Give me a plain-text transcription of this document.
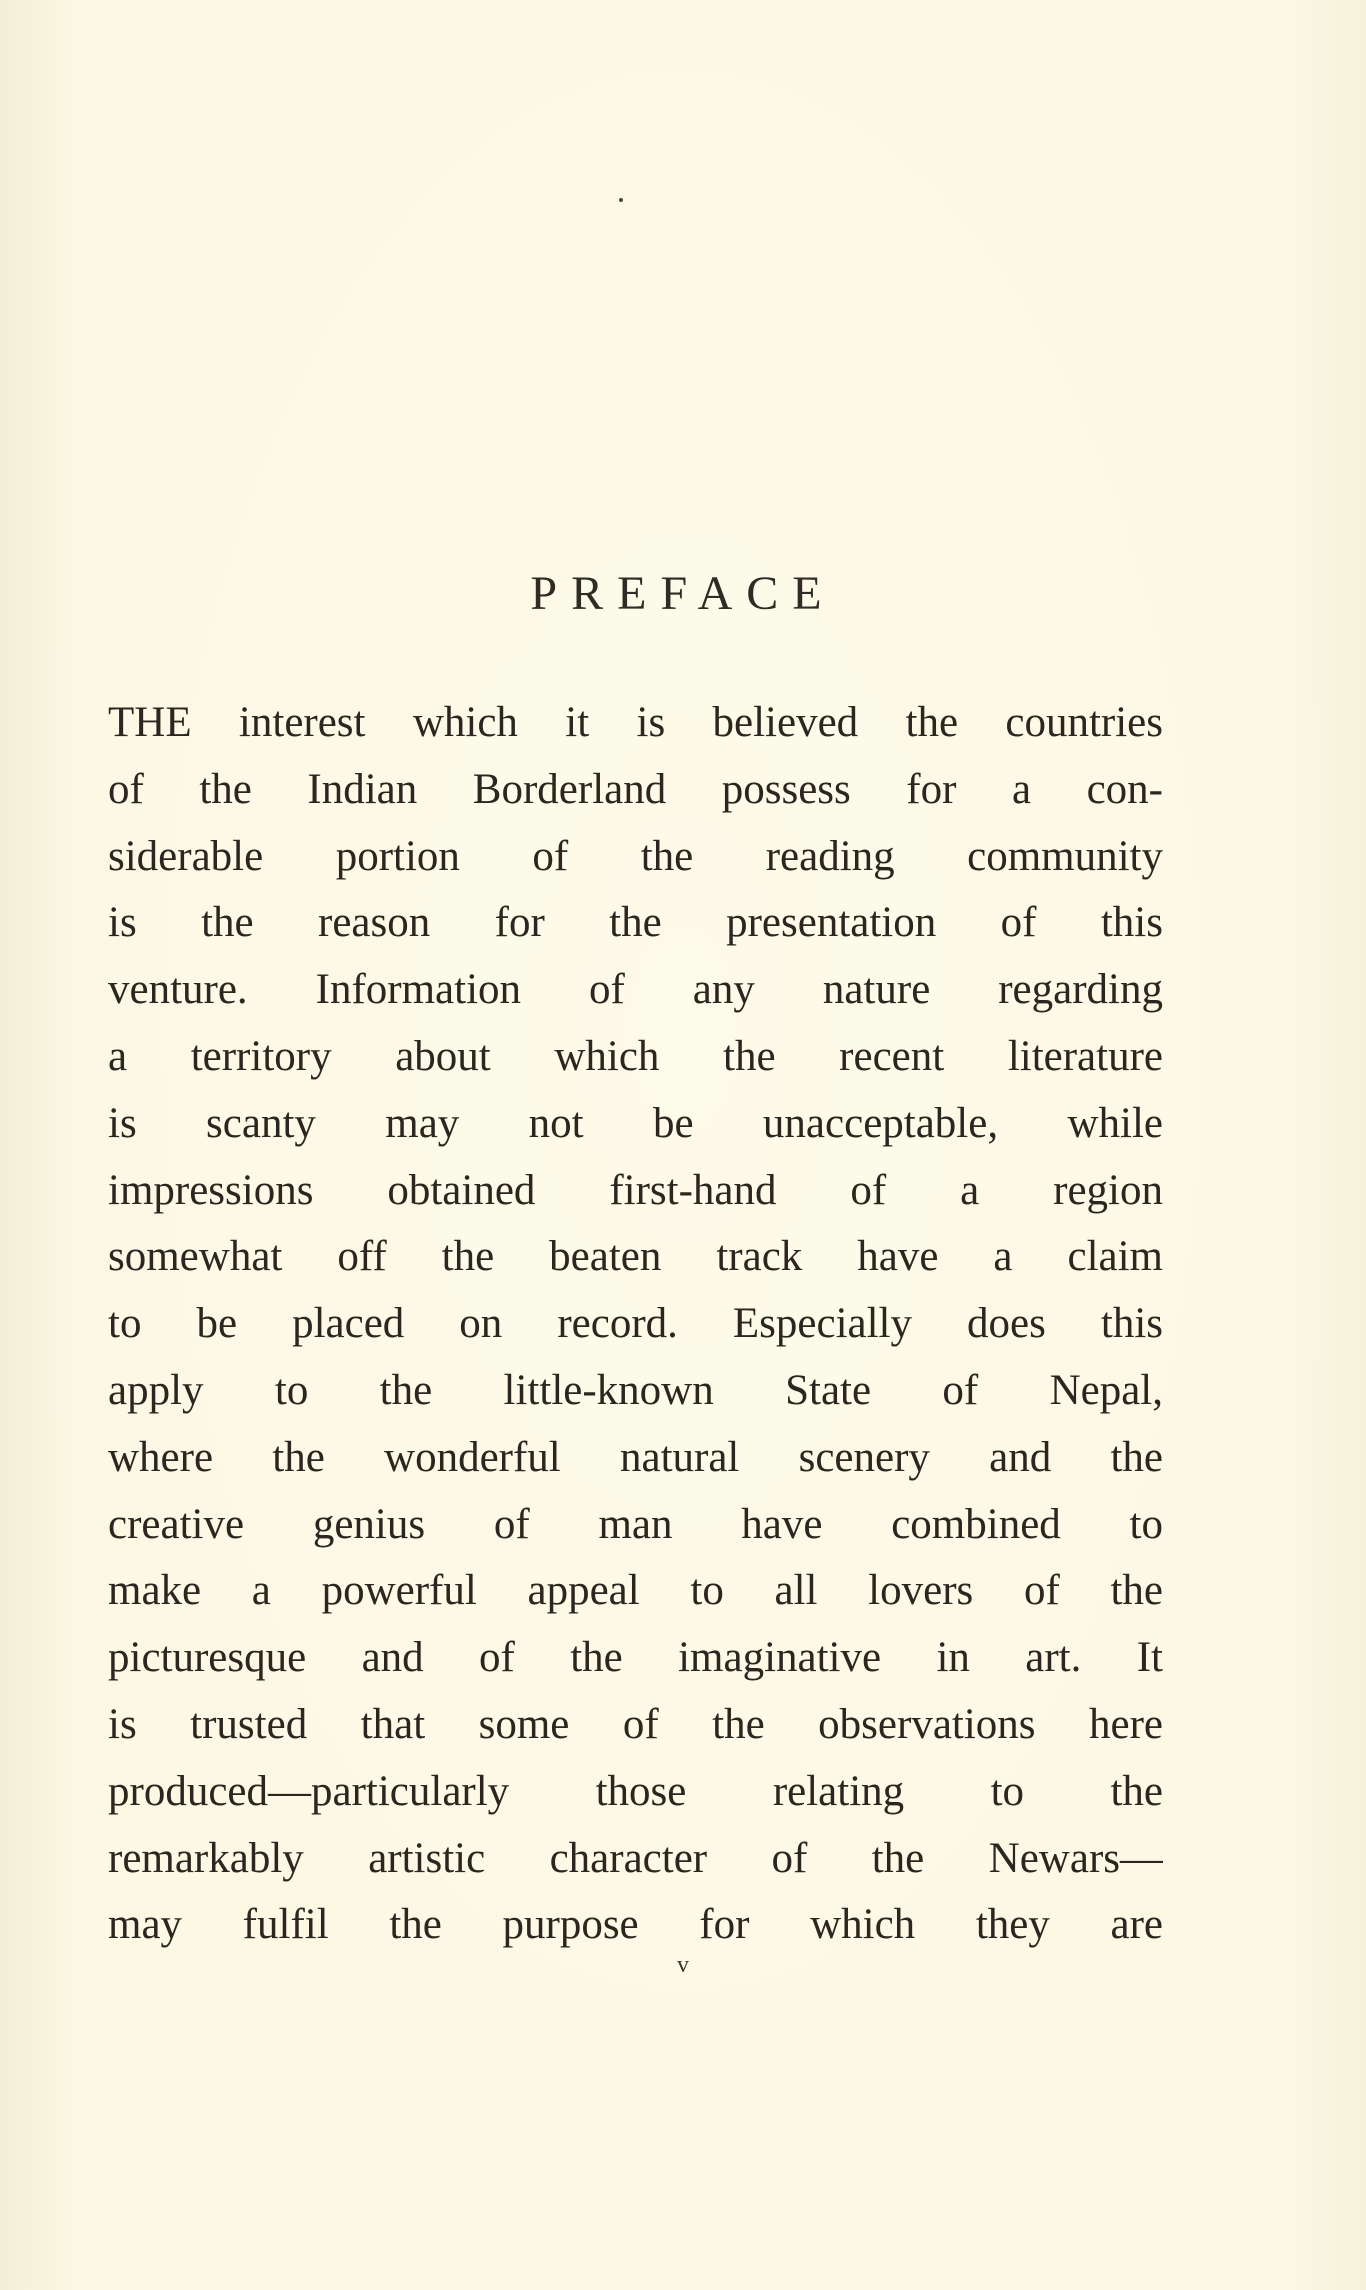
PREFACE
THE interest which it is believed the countries
of the Indian Borderland possess for a con-
siderable portion of the reading community
is the reason for the presentation of this
venture. Information of any nature regarding
a territory about which the recent literature
is scanty may not be unacceptable, while
impressions obtained first-hand of a region
somewhat off the beaten track have a claim
to be placed on record. Especially does this
apply to the little-known State of Nepal,
where the wonderful natural scenery and the
creative genius of man have combined to
make a powerful appeal to all lovers of the
picturesque and of the imaginative in art. It
is trusted that some of the observations here
produced—particularly those relating to the
remarkably artistic character of the Newars—
may fulfil the purpose for which they are
v
